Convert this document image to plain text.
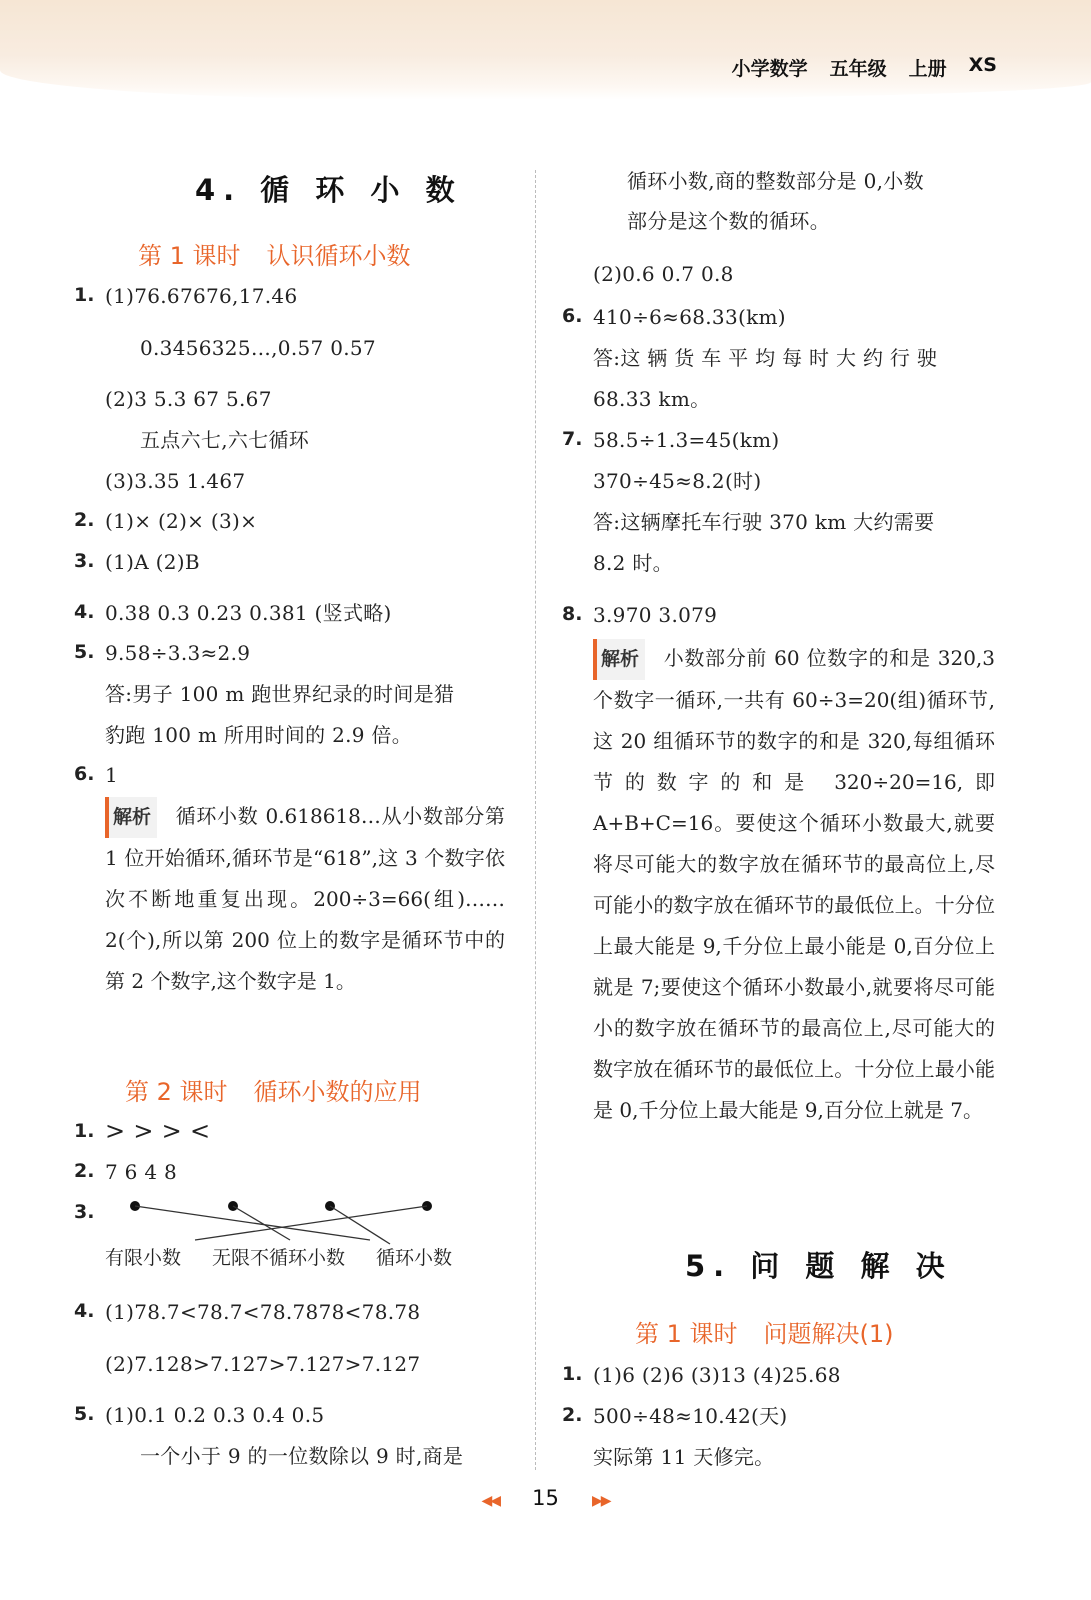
小学数学 五年级 上册 XS
4. 循 环 小 数
第 1 课时 认识循环小数
1. (1)76.67676,17.46
0.3456325…,0.57 0.57
(2)3 5.3 67 5.67
五点六七,六七循环
(3)3.35 1.467
2. (1)× (2)× (3)×
3. (1)A (2)B
4. 0.38 0.3 0.23 0.381 (竖式略)
5. 9.58÷3.3≈2.9
答:男子 100 m 跑世界纪录的时间是猎
豹跑 100 m 所用时间的 2.9 倍。
6. 1
解析 循环小数 0.618618…从小数部分第 1 位开始循环,循环节是“618”,这 3 个数字依次不断地重复出现。200÷3=66(组)……2(个),所以第 200 位上的数字是循环节中的第 2 个数字,这个数字是 1。
第 2 课时 循环小数的应用
1. > > > <
2. 7 6 4 8
3.
有限小数 无限不循环小数 循环小数
4. (1)78.7<78.7<78.7878<78.78
(2)7.128>7.127>7.127>7.127
5. (1)0.1 0.2 0.3 0.4 0.5
一个小于 9 的一位数除以 9 时,商是
循环小数,商的整数部分是 0,小数
部分是这个数的循环。
(2)0.6 0.7 0.8
6. 410÷6≈68.33(km)
答:这 辆 货 车 平 均 每 时 大 约 行 驶
68.33 km。
7. 58.5÷1.3=45(km)
370÷45≈8.2(时)
答:这辆摩托车行驶 370 km 大约需要
8.2 时。
8. 3.970 3.079
解析 小数部分前 60 位数字的和是 320,3 个数字一循环,一共有 60÷3=20(组)循环节,这 20 组循环节的数字的和是 320,每组循环节的数字的和是 320÷20=16,即 A+B+C=16。要使这个循环小数最大,就要将尽可能大的数字放在循环节的最高位上,尽可能小的数字放在循环节的最低位上。十分位上最大能是 9,千分位上最小能是 0,百分位上就是 7;要使这个循环小数最小,就要将尽可能小的数字放在循环节的最高位上,尽可能大的数字放在循环节的最低位上。十分位上最小能是 0,千分位上最大能是 9,百分位上就是 7。
5. 问 题 解 决
第 1 课时 问题解决(1)
1. (1)6 (2)6 (3)13 (4)25.68
2. 500÷48≈10.42(天)
实际第 11 天修完。
◀◀ 15 ▶▶
